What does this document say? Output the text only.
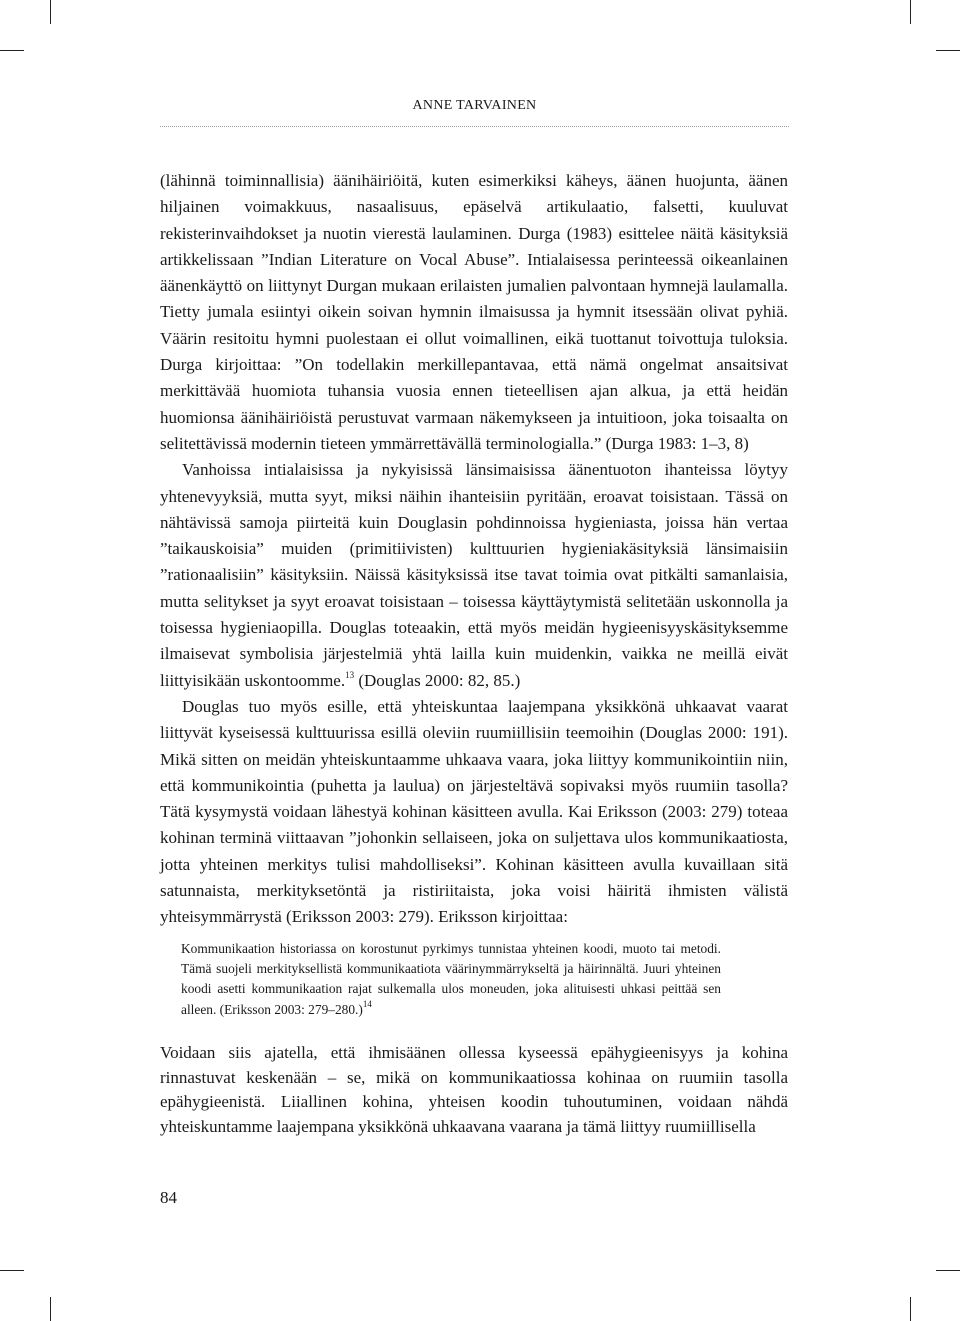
ANNE TARVAINEN

(lähinnä toiminnallisia) äänihäiriöitä, kuten esimerkiksi käheys, äänen huojunta, äänen hiljainen voimakkuus, nasaalisuus, epäselvä artikulaatio, falsetti, kuuluvat rekisterinvaihdokset ja nuotin vierestä laulaminen. Durga (1983) esittelee näitä käsityksiä artikkelissaan ”Indian Literature on Vocal Abuse”. Intialaisessa perinteessä oikeanlainen äänenkäyttö on liittynyt Durgan mukaan erilaisten jumalien palvontaan hymnejä laulamalla. Tietty jumala esiintyi oikein soivan hymnin ilmaisussa ja hymnit itsessään olivat pyhiä. Väärin resitoitu hymni puolestaan ei ollut voimallinen, eikä tuottanut toivottuja tuloksia. Durga kirjoittaa: ”On todellakin merkillepantavaa, että nämä ongelmat ansaitsivat merkittävää huomiota tuhansia vuosia ennen tieteellisen ajan alkua, ja että heidän huomionsa äänihäiriöistä perustuvat varmaan näkemykseen ja intuitioon, joka toisaalta on selitettävissä modernin tieteen ymmärrettävällä terminologialla.” (Durga 1983: 1–3, 8)

Vanhoissa intialaisissa ja nykyisissä länsimaisissa äänentuoton ihanteissa löytyy yhtenevyyksiä, mutta syyt, miksi näihin ihanteisiin pyritään, eroavat toisistaan. Tässä on nähtävissä samoja piirteitä kuin Douglasin pohdinnoissa hygieniasta, joissa hän vertaa ”taikauskoisia” muiden (primitiivisten) kulttuurien hygieniakäsityksiä länsimaisiin ”rationaalisiin” käsityksiin. Näissä käsityksissä itse tavat toimia ovat pitkälti samanlaisia, mutta selitykset ja syyt eroavat toisistaan – toisessa käyttäytymistä selitetään uskonnolla ja toisessa hygieniaopilla. Douglas toteaakin, että myös meidän hygieenisyyskäsityksemme ilmaisevat symbolisia järjestelmiä yhtä lailla kuin muidenkin, vaikka ne meillä eivät liittyisikään uskontoomme.$^{13}$ (Douglas 2000: 82, 85.)

Douglas tuo myös esille, että yhteiskuntaa laajempana yksikkönä uhkaavat vaarat liittyvät kyseisessä kulttuurissa esillä oleviin ruumiillisiin teemoihin (Douglas 2000: 191). Mikä sitten on meidän yhteiskuntaamme uhkaava vaara, joka liittyy kommunikointiin niin, että kommunikointia (puhetta ja laulua) on järjesteltävä sopivaksi myös ruumiin tasolla? Tätä kysymystä voidaan lähestyä kohinan käsitteen avulla. Kai Eriksson (2003: 279) toteaa kohinan terminä viittaavan ”johonkin sellaiseen, joka on suljettava ulos kommunikaatiosta, jotta yhteinen merkitys tulisi mahdolliseksi”. Kohinan käsitteen avulla kuvaillaan sitä satunnaista, merkityksetöntä ja ristiriitaista, joka voisi häiritä ihmisten välistä yhteisymmärrystä (Eriksson 2003: 279). Eriksson kirjoittaa:

Kommunikaation historiassa on korostunut pyrkimys tunnistaa yhteinen koodi, muoto tai metodi. Tämä suojeli merkityksellistä kommunikaatiota väärinymmärrykseltä ja häirinnältä. Juuri yhteinen koodi asetti kommunikaation rajat sulkemalla ulos moneuden, joka alituisesti uhkasi peittää sen alleen. (Eriksson 2003: 279–280.)$^{14}$

Voidaan siis ajatella, että ihmisäänen ollessa kyseessä epähygieenisyys ja kohina rinnastuvat keskenään – se, mikä on kommunikaatiossa kohinaa on ruumiin tasolla epähygieenistä. Liiallinen kohina, yhteisen koodin tuhoutuminen, voidaan nähdä yhteiskuntamme laajempana yksikkönä uhkaavana vaarana ja tämä liittyy ruumiillisella

84
